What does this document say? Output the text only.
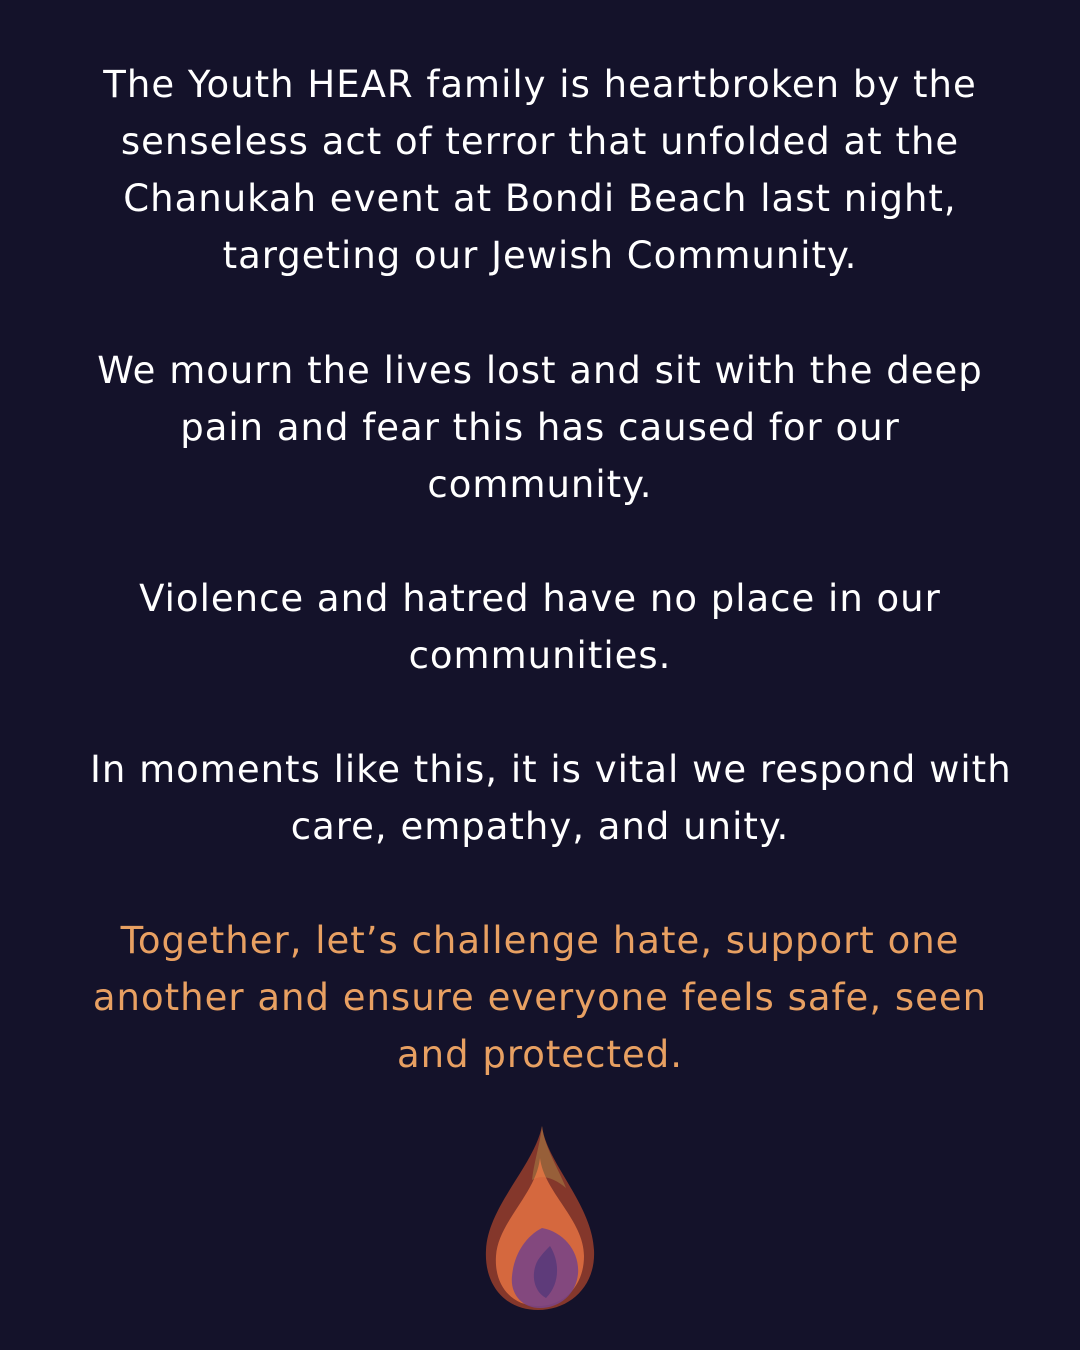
The Youth HEAR family is heartbroken by the
senseless act of terror that unfolded at the
Chanukah event at Bondi Beach last night,
targeting our Jewish Community.

We mourn the lives lost and sit with the deep
pain and fear this has caused for our
community.

Violence and hatred have no place in our
communities.

In moments like this, it is vital we respond with
care, empathy, and unity.

Together, let’s challenge hate, support one
another and ensure everyone feels safe, seen
and protected.
